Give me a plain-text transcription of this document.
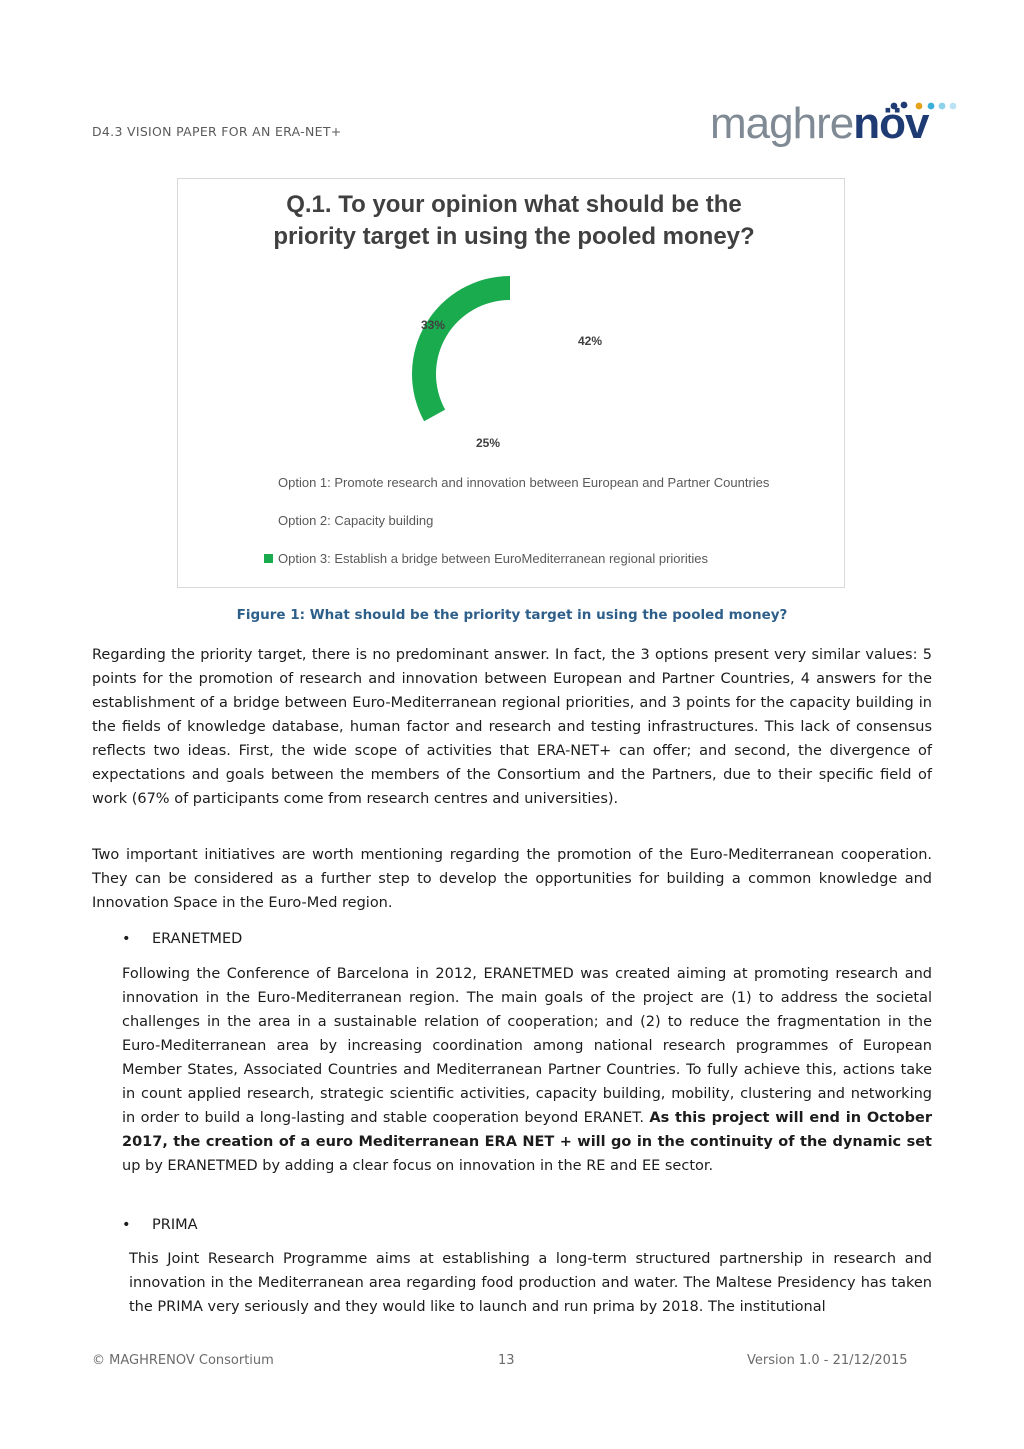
D4.3 VISION PAPER FOR AN ERA-NET+	maghrenöv
Q.1. To your opinion what should be the
priority target in using the pooled money?
42%
25%
33%
Option 1: Promote research and innovation between European and Partner Countries
Option 2: Capacity building
Option 3: Establish a bridge between EuroMediterranean regional priorities
Figure 1: What should be the priority target in using the pooled money?

Regarding the priority target, there is no predominant answer. In fact, the 3 options present very similar values: 5 points for the promotion of research and innovation between European and Partner Countries, 4 answers for the establishment of a bridge between Euro-Mediterranean regional priorities, and 3 points for the capacity building in the fields of knowledge database, human factor and research and testing infrastructures. This lack of consensus reflects two ideas. First, the wide scope of activities that ERA-NET+ can offer; and second, the divergence of expectations and goals between the members of the Consortium and the Partners, due to their specific field of work (67% of participants come from research centres and universities).

Two important initiatives are worth mentioning regarding the promotion of the Euro-Mediterranean cooperation. They can be considered as a further step to develop the opportunities for building a common knowledge and Innovation Space in the Euro-Med region.

• ERANETMED

Following the Conference of Barcelona in 2012, ERANETMED was created aiming at promoting research and innovation in the Euro-Mediterranean region. The main goals of the project are (1) to address the societal challenges in the area in a sustainable relation of cooperation; and (2) to reduce the fragmentation in the Euro-Mediterranean area by increasing coordination among national research programmes of European Member States, Associated Countries and Mediterranean Partner Countries. To fully achieve this, actions take in count applied research, strategic scientific activities, capacity building, mobility, clustering and networking in order to build a long-lasting and stable cooperation beyond ERANET. As this project will end in October 2017, the creation of a euro Mediterranean ERA NET + will go in the continuity of the dynamic set up by ERANETMED by adding a clear focus on innovation in the RE and EE sector.

• PRIMA

This Joint Research Programme aims at establishing a long-term structured partnership in research and innovation in the Mediterranean area regarding food production and water. The Maltese Presidency has taken the PRIMA very seriously and they would like to launch and run prima by 2018. The institutional

© MAGHRENOV Consortium	13	Version 1.0 - 21/12/2015
